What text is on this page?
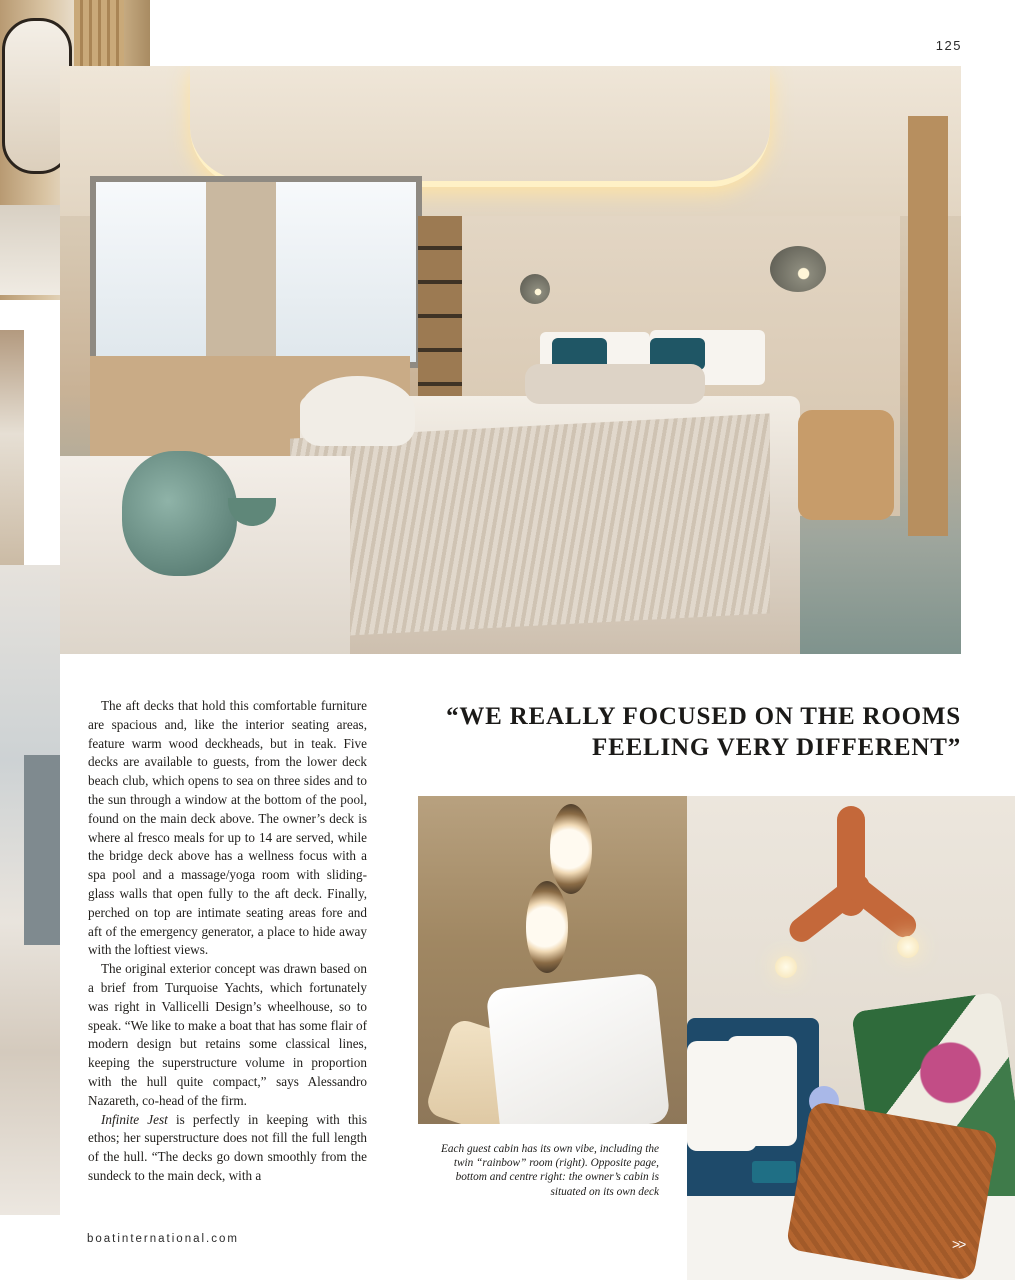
125

The aft decks that hold this comfortable furniture are spacious and, like the interior seating areas, feature warm wood deckheads, but in teak. Five decks are available to guests, from the lower deck beach club, which opens to sea on three sides and to the sun through a window at the bottom of the pool, found on the main deck above. The owner’s deck is where al fresco meals for up to 14 are served, while the bridge deck above has a wellness focus with a spa pool and a massage/yoga room with sliding-glass walls that open fully to the aft deck. Finally, perched on top are intimate seating areas fore and aft of the emergency generator, a place to hide away with the loftiest views.

The original exterior concept was drawn based on a brief from Turquoise Yachts, which fortunately was right in Vallicelli Design’s wheelhouse, so to speak. “We like to make a boat that has some flair of modern design but retains some classical lines, keeping the superstructure volume in proportion with the hull quite compact,” says Alessandro Nazareth, co-head of the firm.

Infinite Jest is perfectly in keeping with this ethos; her superstructure does not fill the full length of the hull. “The decks go down smoothly from the sundeck to the main deck, with a

“WE REALLY FOCUSED ON THE ROOMS FEELING VERY DIFFERENT”
Each guest cabin has its own vibe, including the twin “rainbow” room (right). Opposite page, bottom and centre right: the owner’s cabin is situated on its own deck
boatinternational.com	>>
